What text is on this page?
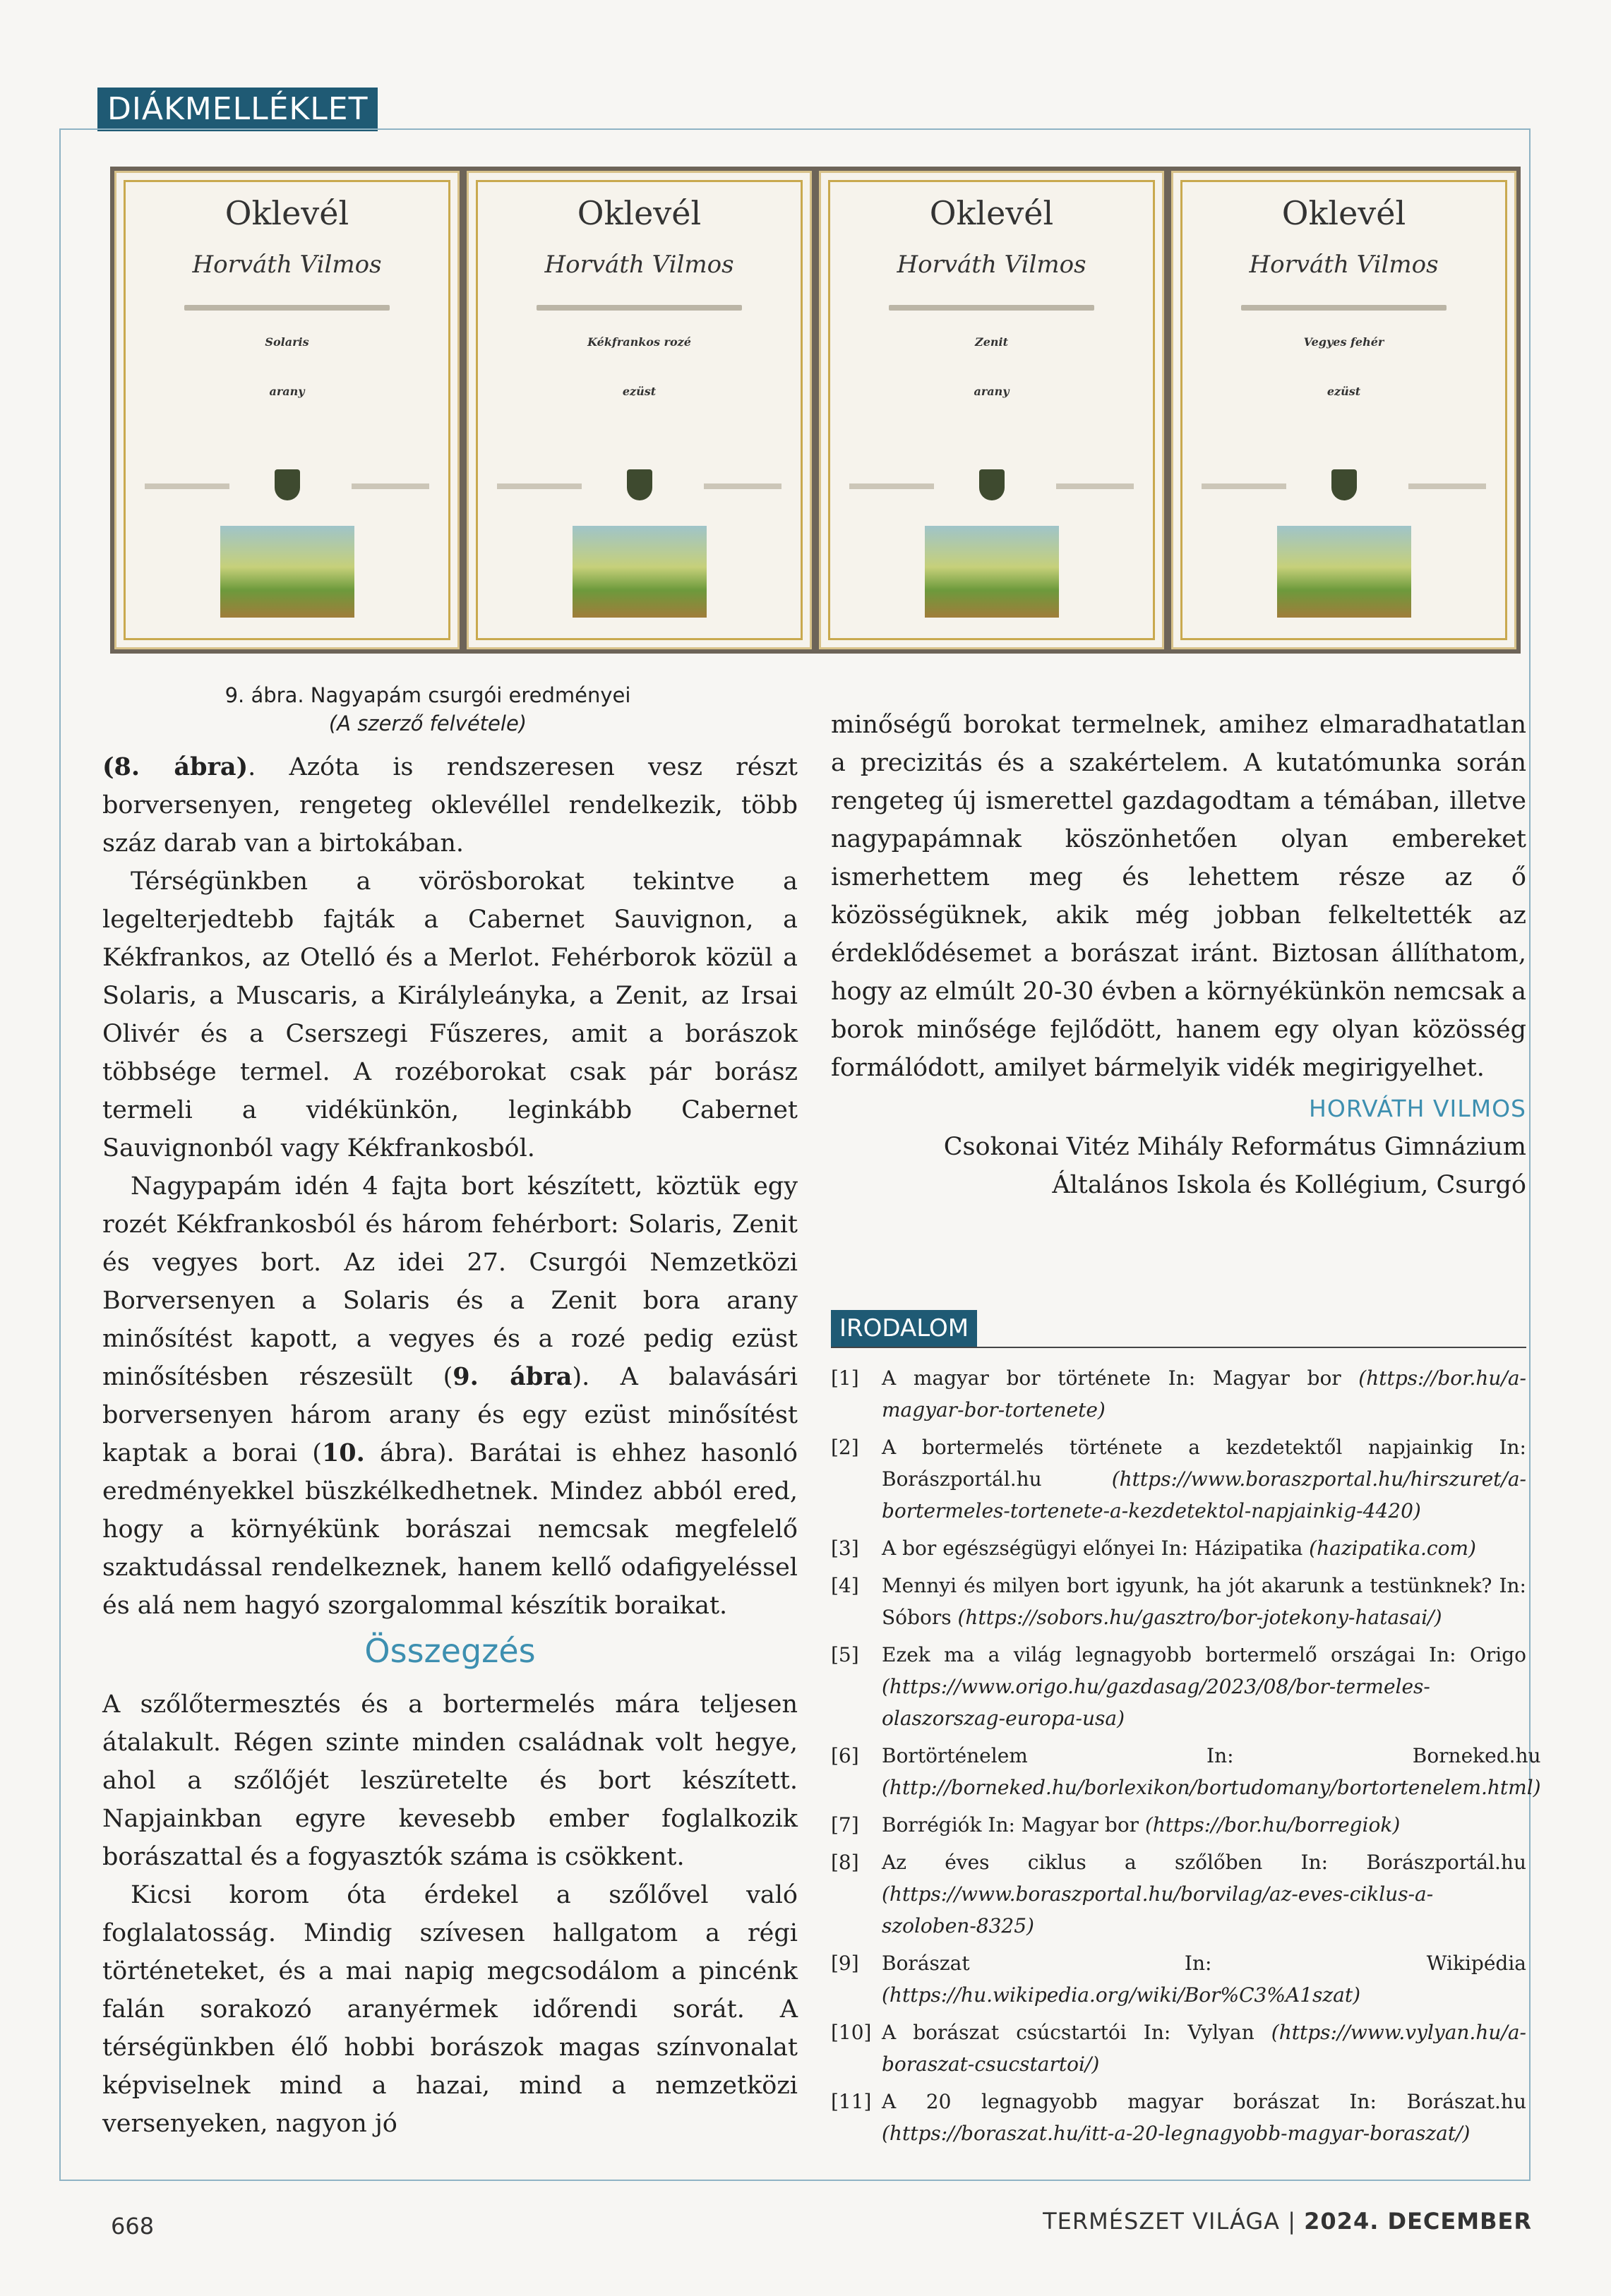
DIÁKMELLÉKLET
Oklevél
Horváth Vilmos
Solaris
arany
Oklevél
Horváth Vilmos
Kékfrankos rozé
ezüst
Oklevél
Horváth Vilmos
Zenit
arany
Oklevél
Horváth Vilmos
Vegyes fehér
ezüst
9. ábra. Nagyapám csurgói eredményei
(A szerző felvétele)

(8. ábra). Azóta is rendszeresen vesz részt borversenyen, rengeteg oklevéllel rendelkezik, több száz darab van a birtokában.

Térségünkben a vörösborokat tekintve a legelterjedtebb fajták a Cabernet Sauvignon, a Kékfrankos, az Otelló és a Merlot. Fehérborok közül a Solaris, a Muscaris, a Királyleányka, a Zenit, az Irsai Olivér és a Cserszegi Fűszeres, amit a borászok többsége termel. A rozéborokat csak pár borász termeli a vidékünkön, leginkább Cabernet Sauvignonból vagy Kékfrankosból.

Nagypapám idén 4 fajta bort készített, köztük egy rozét Kékfrankosból és három fehérbort: Solaris, Zenit és vegyes bort. Az idei 27. Csurgói Nemzetközi Borversenyen a Solaris és a Zenit bora arany minősítést kapott, a vegyes és a rozé pedig ezüst minősítésben részesült (9. ábra). A balavásári borversenyen három arany és egy ezüst minősítést kaptak a borai (10. ábra). Barátai is ehhez hasonló eredményekkel büszkélkedhetnek. Mindez abból ered, hogy a környékünk borászai nemcsak megfelelő szaktudással rendelkeznek, hanem kellő odafigyeléssel és alá nem hagyó szorgalommal készítik boraikat.

Összegzés

A szőlőtermesztés és a bortermelés mára teljesen átalakult. Régen szinte minden családnak volt hegye, ahol a szőlőjét leszüretelte és bort készített. Napjainkban egyre kevesebb ember foglalkozik borászattal és a fogyasztók száma is csökkent.

Kicsi korom óta érdekel a szőlővel való foglalatosság. Mindig szívesen hallgatom a régi történeteket, és a mai napig megcsodálom a pincénk falán sorakozó aranyérmek időrendi sorát. A térségünkben élő hobbi borászok magas színvonalat képviselnek mind a hazai, mind a nemzetközi versenyeken, nagyon jó

minőségű borokat termelnek, amihez elmaradhatatlan a precizitás és a szakértelem. A kutatómunka során rengeteg új ismerettel gazdagodtam a témában, illetve nagypapámnak köszönhetően olyan embereket ismerhettem meg és lehettem része az ő közösségüknek, akik még jobban felkeltették az érdeklődésemet a borászat iránt. Biztosan állíthatom, hogy az elmúlt 20-30 évben a környékünkön nemcsak a borok minősége fejlődött, hanem egy olyan közösség formálódott, amilyet bármelyik vidék megirigyelhet.

HORVÁTH VILMOS
Csokonai Vitéz Mihály Református Gimnázium
Általános Iskola és Kollégium, Csurgó
IRODALOM
[1]	A magyar bor története In: Magyar bor (https://bor.hu/a-magyar-bor-tortenete)
[2]	A bortermelés története a kezdetektől napjainkig In: Borászportál.hu (https://www.boraszportal.hu/hirszuret/a-bortermeles-tortenete-a-kezdetektol-napjainkig-4420)
[3]	A bor egészségügyi előnyei In: Házipatika (hazipatika.com)
[4]	Mennyi és milyen bort igyunk, ha jót akarunk a testünknek? In: Sóbors (https://sobors.hu/gasztro/bor-jotekony-hatasai/)
[5]	Ezek ma a világ legnagyobb bortermelő országai In: Origo (https://www.origo.hu/gazdasag/2023/08/bor-termeles-olaszorszag-europa-usa)
[6]	Bortörténelem In: Borneked.hu (http://borneked.hu/borlexikon/bortudomany/bortortenelem.html)
[7]	Borrégiók In: Magyar bor (https://bor.hu/borregiok)
[8]	Az éves ciklus a szőlőben In: Borászportál.hu (https://www.boraszportal.hu/borvilag/az-eves-ciklus-a-szoloben-8325)
[9]	Borászat In: Wikipédia (https://hu.wikipedia.org/wiki/Bor%C3%A1szat)
[10] A borászat csúcstartói In: Vylyan (https://www.vylyan.hu/a-boraszat-csucstartoi/)
[11] A 20 legnagyobb magyar borászat In: Borászat.hu (https://boraszat.hu/itt-a-20-legnagyobb-magyar-boraszat/)
668	TERMÉSZET VILÁGA | 2024. DECEMBER
